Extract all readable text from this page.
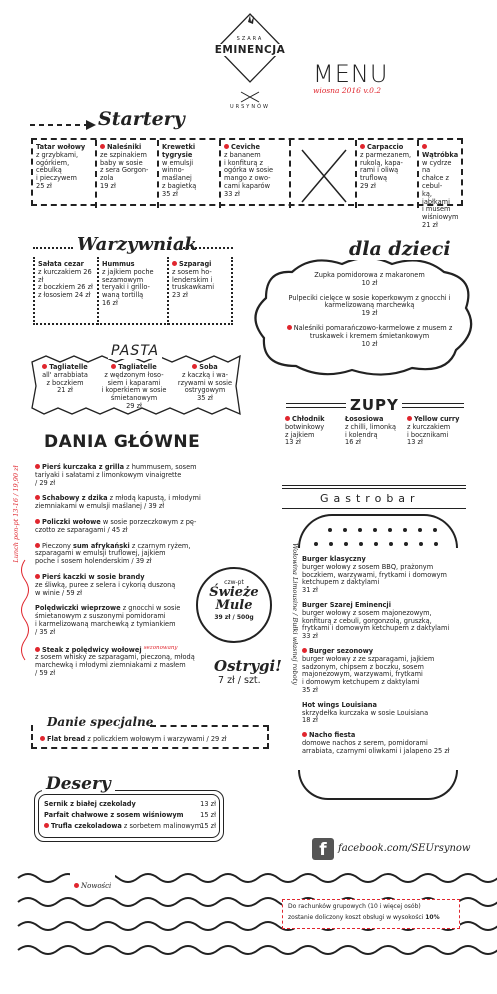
SZARA
EMINENCJA
URSYNÓW
MENU
wiosna 2016 v.0.2
Startery
Tatar wołowy
z grzybkami,
ogórkiem,
cebulką
i pieczywem
25 zł
Naleśniki
ze szpinakiem
baby w sosie
z sera Gorgon-
zola
19 zł
Krewetki tygrysie
w emulsji
winno-
maślanej
z bagietką
35 zł
Ceviche
z bananem
i konfiturą z
ogórka w sosie
mango z owo-
cami kaparów
33 zł
Carpaccio
z parmezanem,
rukolą, kapa-
rami i oliwą
truflową
29 zł
Wątróbka
w cydrze na
chałce z cebul-
ką, jabłkami
i musem
wiśniowym
21 zł
Warzywniak
Sałata cezar
z kurczakiem 26 zł
z boczkiem 26 zł
z łososiem 24 zł
Hummus
z jajkiem poche
sezamowym
teryaki i grillo-
waną tortillą
16 zł
Szparagi
z sosem ho-
lenderskim i
truskawkami
23 zł
dla dzieci
Zupka pomidorowa z makaronem
10 zł
Pulpeciki cielęce w sosie koperkowym z gnocchi i karmelizowaną marchewką
19 zł
Naleśniki pomarańczowo-karmelowe z musem z truskawek i kremem śmietankowym
10 zł
PASTA
Tagliatelle
all' arrabbiata
z boczkiem
21 zł
Tagliatelle
z wędzonym łoso-
siem i kaparami
i koperkiem w sosie
śmietanowym
29 zł
Soba
z kaczką i wa-
rzywami w sosie
ostrygowym
35 zł	ZUPY
Chłodnik
botwinkowy
z jajkiem
13 zł
Łososiowa
z chilli, limonką
i kolendrą
16 zł
Yellow curry
z kurczakiem
i bocznikami
13 zł
DANIA GŁÓWNE
Lunch pon-pt 13-16 / 19,90 zł	Pierś kurczaka z grilla z hummusem, sosem
tariyaki i sałatami z limonkowym vinaigrette
/ 29 zł
Schabowy z dzika z młodą kapustą, i młodymi
ziemniakami w emulsji maślanej / 39 zł
Policzki wołowe w sosie porzeczkowym z pę-
czotto ze szparagami / 45 zł
Pieczony sum afrykański z czarnym ryżem,
szparagami w emulsji truflowej, jajkiem
poche i sosem holenderskim / 39 zł
Pierś kaczki w sosie brandy
ze śliwką, puree z selera i cykorią duszoną
w winie / 59 zł
Polędwiczki wieprzowe z gnocchi w sosie
śmietanowym z suszonymi pomidorami
i karmelizowaną marchewką z tymiankiem
/ 35 zł
Steak z polędwicy wołowej $^{sezonowany}$
z sosem whisky ze szparagami, pieczoną, młodą
marchewką i młodymi ziemniakami z masłem
/ 59 zł
czw-pt
Świeże
Mule
39 zł / 500g
Ostrygi!
7 zł / szt.
Gastrobar
Wołowina Limousine / Bułki własnej roboty Burger klasyczny
burger wołowy z sosem BBQ, prażonym
boczkiem, warzywami, frytkami i domowym
ketchupem z daktylami
31 zł
Burger Szarej Eminencji
burger wołowy z sosem majonezowym,
konfiturą z cebuli, gorgonzolą, gruszką,
frytkami i domowym ketchupem z daktylami
33 zł
Burger sezonowy
burger wołowy z ze szparagami, jajkiem
sadzonym, chipsem z boczku, sosem
majonezowym, warzywami, frytkami
i domowym ketchupem z daktylami
35 zł
Hot wings Louisiana
skrzydełka kurczaka w sosie Louisiana
18 zł
Nacho fiesta
domowe nachos z serem, pomidorami
arrabiata, czarnymi oliwkami i jalapeno 25 zł
Danie specjalne
Flat bread z policzkiem wołowym i warzywami / 29 zł
Desery
Sernik z białej czekolady	13 zł
Parfait chałwowe z sosem wiśniowym	15 zł
Trufla czekoladowa z sorbetem malinowym 15 zł
f	facebook.com/SEUrsynow
Nowości
Do rachunków grupowych (10 i więcej osób)
zostanie doliczony koszt obsługi w wysokości 10%
